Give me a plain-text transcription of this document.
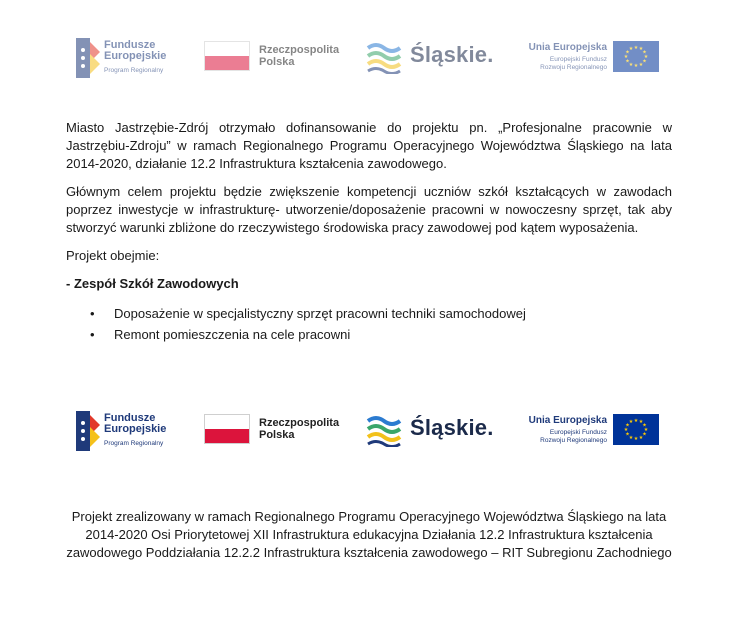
Fundusze
Europejskie
Program Regionalny
Rzeczpospolita
Polska	Śląskie.	Unia Europejska
Europejski Fundusz
Rozwoju Regionalnego
★ ★
★
★
★
★
★
★
★
★
★
★

Miasto Jastrzębie-Zdrój otrzymało dofinansowanie do projektu pn. „Profesjonalne pracownie w Jastrzębiu-Zdroju” w ramach Regionalnego Programu Operacyjnego Województwa Śląskiego na lata 2014-2020, działanie 12.2 Infrastruktura kształcenia zawodowego.

Głównym celem projektu będzie zwiększenie kompetencji uczniów szkół kształcących w zawodach poprzez inwestycje w infrastrukturę- utworzenie/doposażenie pracowni w nowoczesny sprzęt, tak aby stworzyć warunki zbliżone do rzeczywistego środowiska pracy zawodowej pod kątem wyposażenia.

Projekt obejmie:

- Zespół Szkół Zawodowych

• Doposażenie w specjalistyczny sprzęt pracowni techniki samochodowej
• Remont pomieszczenia na cele pracowni
Fundusze
Europejskie
Program Regionalny
Rzeczpospolita
Polska	Śląskie.	Unia Europejska
Europejski Fundusz
Rozwoju Regionalnego
★ ★
★
★
★
★
★
★
★
★
★
★
Projekt zrealizowany w ramach Regionalnego Programu Operacyjnego Województwa Śląskiego na lata 2014-2020 Osi Priorytetowej XII Infrastruktura edukacyjna Działania 12.2 Infrastruktura kształcenia zawodowego Poddziałania 12.2.2 Infrastruktura kształcenia zawodowego – RIT Subregionu Zachodniego
